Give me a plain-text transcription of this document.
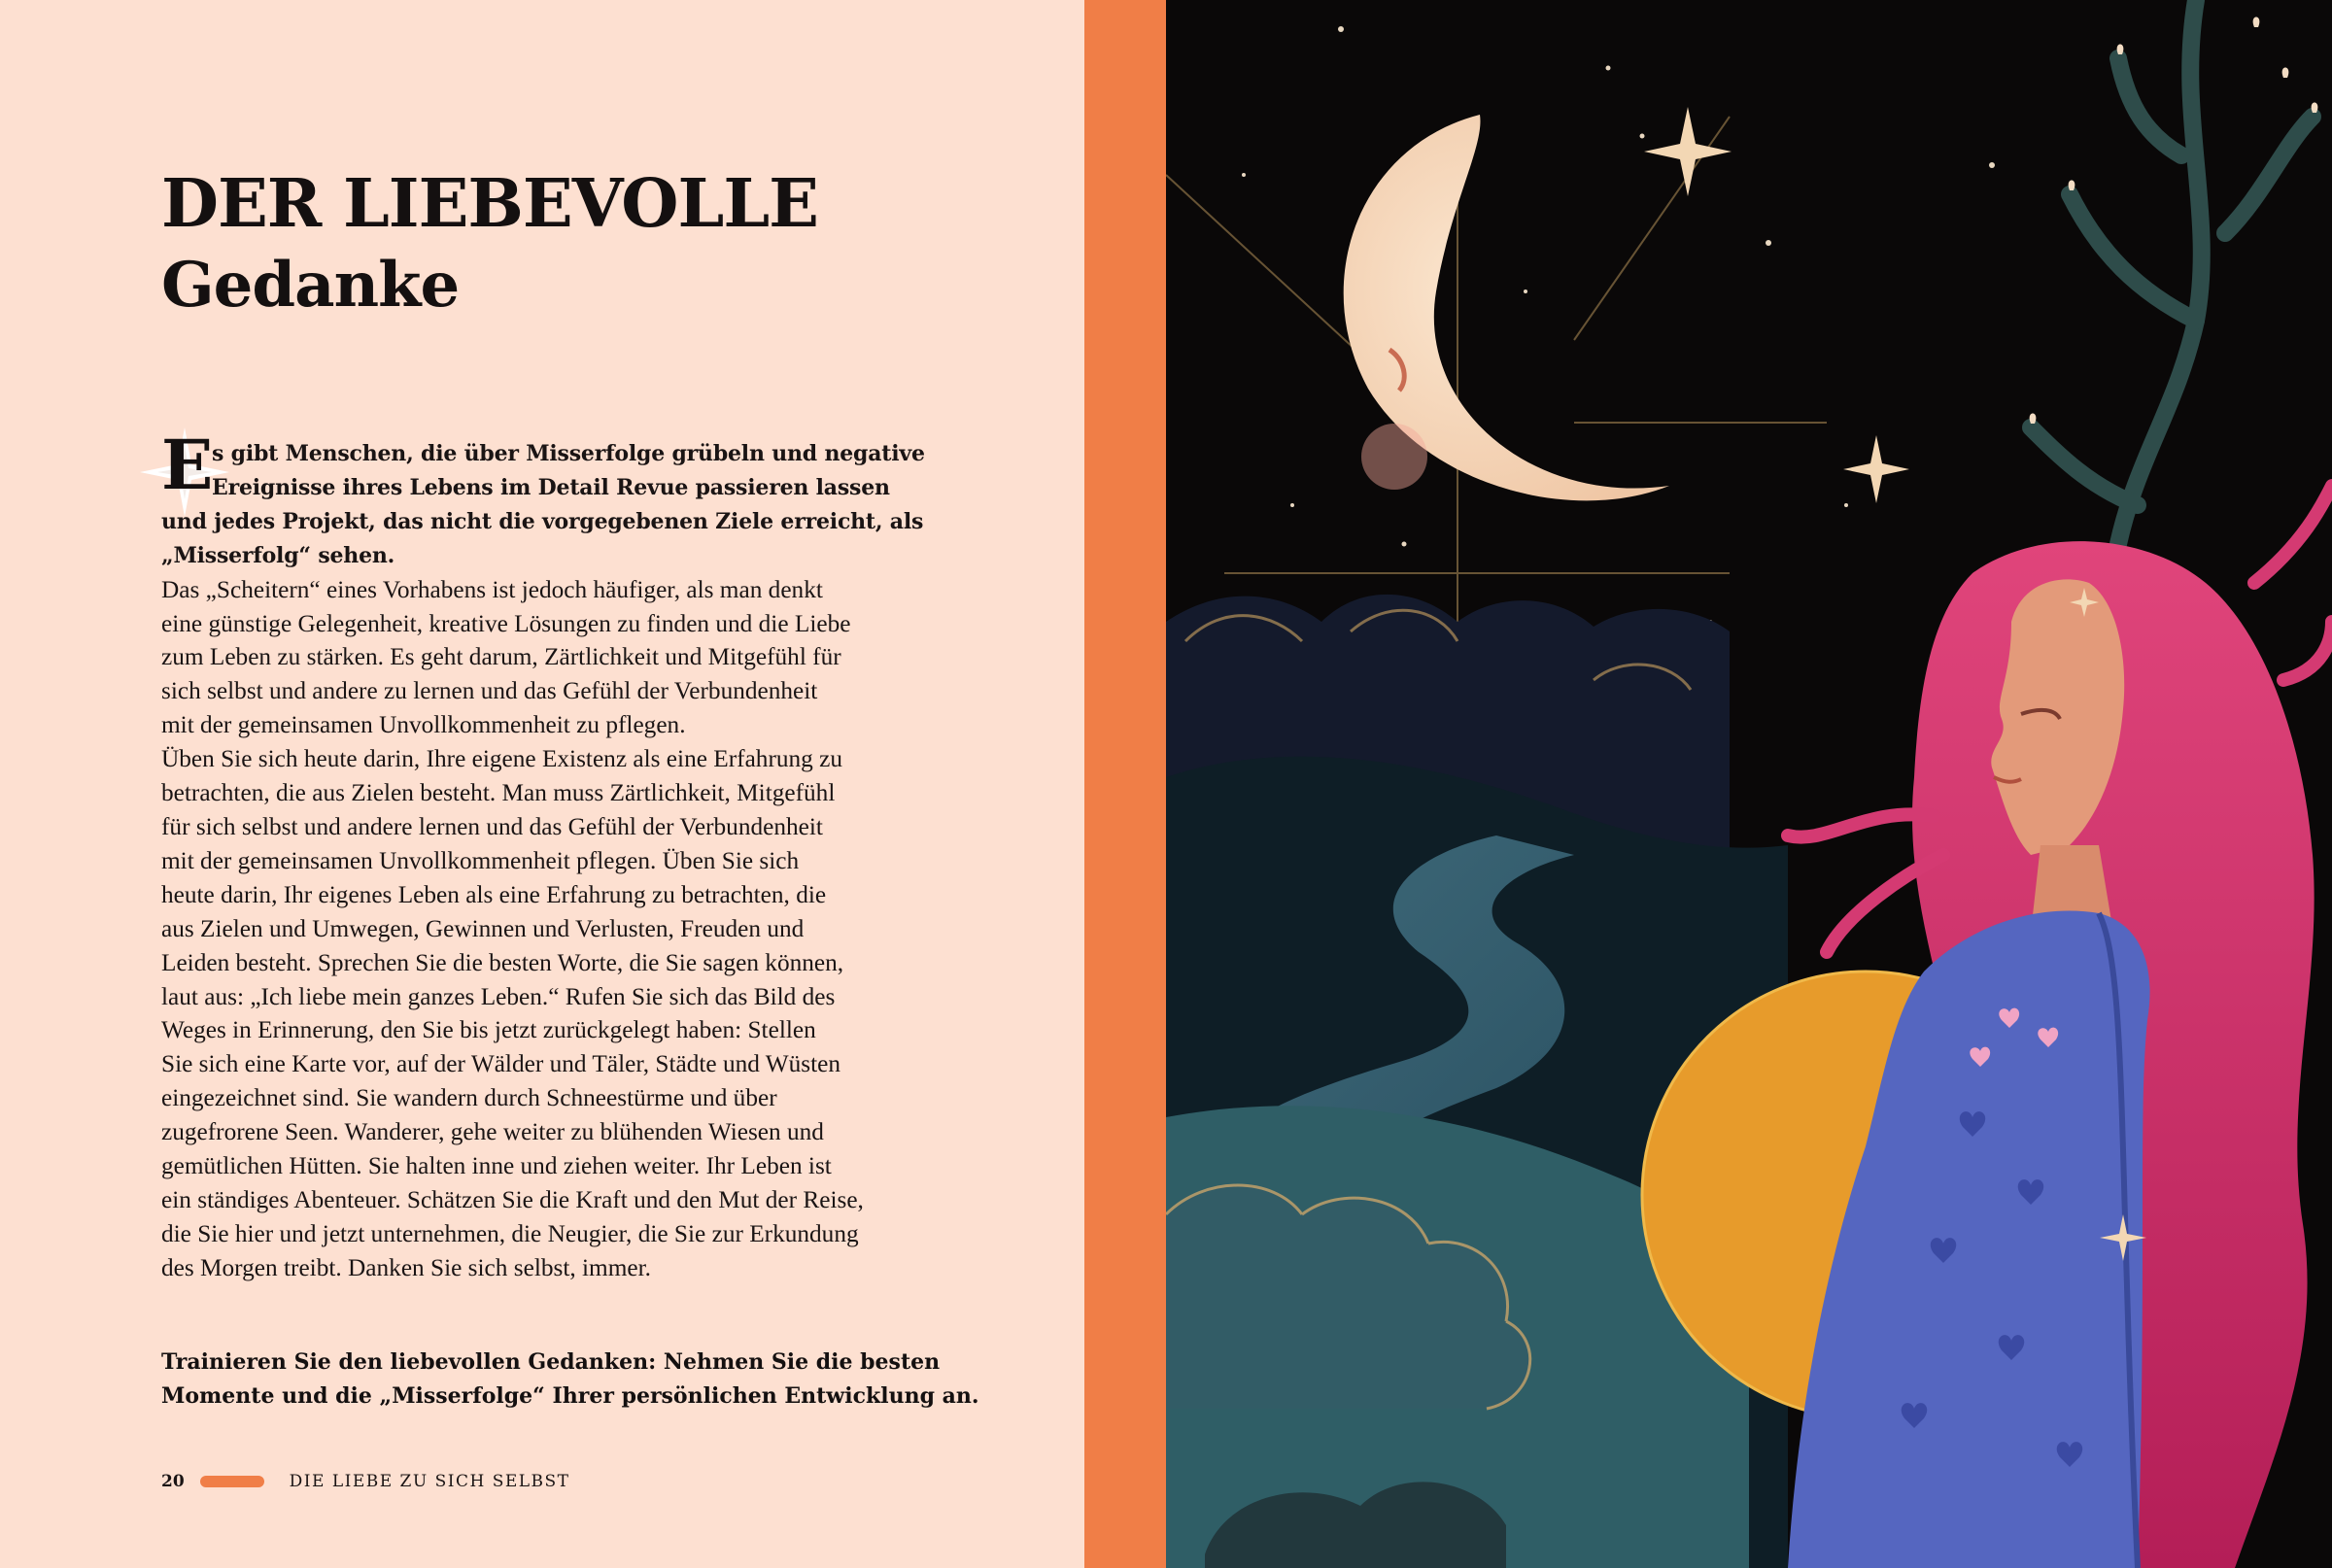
DER LIEBEVOLLE
Gedanke
E

s gibt Menschen, die über Misserfolge grübeln und negative

Ereignisse ihres Lebens im Detail Revue passieren lassen

und jedes Projekt, das nicht die vorgegebenen Ziele erreicht, als

„Misserfolg“ sehen.

Das „Scheitern“ eines Vorhabens ist jedoch häufiger, als man denkt

eine günstige Gelegenheit, kreative Lösungen zu finden und die Liebe

zum Leben zu stärken. Es geht darum, Zärtlichkeit und Mitgefühl für

sich selbst und andere zu lernen und das Gefühl der Verbundenheit

mit der gemeinsamen Unvollkommenheit zu pflegen.

Üben Sie sich heute darin, Ihre eigene Existenz als eine Erfahrung zu

betrachten, die aus Zielen besteht. Man muss Zärtlichkeit, Mitgefühl

für sich selbst und andere lernen und das Gefühl der Verbundenheit

mit der gemeinsamen Unvollkommenheit pflegen. Üben Sie sich

heute darin, Ihr eigenes Leben als eine Erfahrung zu betrachten, die

aus Zielen und Umwegen, Gewinnen und Verlusten, Freuden und

Leiden besteht. Sprechen Sie die besten Worte, die Sie sagen können,

laut aus: „Ich liebe mein ganzes Leben.“ Rufen Sie sich das Bild des

Weges in Erinnerung, den Sie bis jetzt zurückgelegt haben: Stellen

Sie sich eine Karte vor, auf der Wälder und Täler, Städte und Wüsten

eingezeichnet sind. Sie wandern durch Schneestürme und über

zugefrorene Seen. Wanderer, gehe weiter zu blühenden Wiesen und

gemütlichen Hütten. Sie halten inne und ziehen weiter. Ihr Leben ist

ein ständiges Abenteuer. Schätzen Sie die Kraft und den Mut der Reise,

die Sie hier und jetzt unternehmen, die Neugier, die Sie zur Erkundung

des Morgen treibt. Danken Sie sich selbst, immer.

Trainieren Sie den liebevollen Gedanken: Nehmen Sie die besten
Momente und die „Misserfolge“ Ihrer persönlichen Entwicklung an.

20	DIE LIEBE ZU SICH SELBST
